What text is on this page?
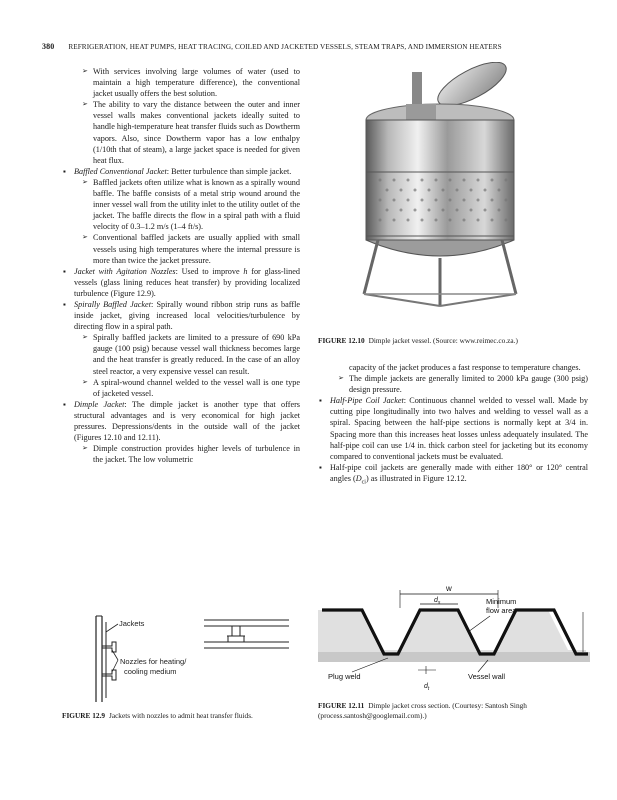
380 REFRIGERATION, HEAT PUMPS, HEAT TRACING, COILED AND JACKETED VESSELS, STEAM TRAPS, AND IMMERSION HEATERS

➢ With services involving large volumes of water (used to maintain a high temperature difference), the conventional jacket usually offers the best solution.

➢ The ability to vary the distance between the outer and inner vessel walls makes conventional jackets ideally suited to handle high-temperature heat transfer fluids such as Dowtherm vapors. Also, since Dowtherm vapor has a low enthalpy (1/10th that of steam), a large jacket space is needed for given heat flux.

▪ Baffled Conventional Jacket: Better turbulence than simple jacket.

➢ Baffled jackets often utilize what is known as a spirally wound baffle. The baffle consists of a metal strip wound around the inner vessel wall from the utility inlet to the utility outlet of the jacket. The baffle directs the flow in a spiral path with a fluid velocity of 0.3–1.2 m/s (1–4 ft/s).

➢ Conventional baffled jackets are usually applied with small vessels using high temperatures where the internal pressure is more than twice the jacket pressure.

▪ Jacket with Agitation Nozzles: Used to improve h for glass-lined vessels (glass lining reduces heat transfer) by providing localized turbulence (Figure 12.9).

▪ Spirally Baffled Jacket: Spirally wound ribbon strip runs as baffle inside jacket, giving increased local velocities/turbulence by directing flow in a spiral path.

➢ Spirally baffled jackets are limited to a pressure of 690 kPa gauge (100 psig) because vessel wall thickness becomes large and the heat transfer is greatly reduced. In the case of an alloy steel reactor, a very expensive vessel can result.

➢ A spiral-wound channel welded to the vessel wall is one type of jacketed vessel.

▪ Dimple Jacket: The dimple jacket is another type that offers structural advantages and is very economical for high jacket pressures. Depressions/dents in the outside wall of the jacket (Figures 12.10 and 12.11).

➢ Dimple construction provides higher levels of turbulence in the jacket. The low volumetric

Jackets
Nozzles for heating/
cooling medium
FIGURE 12.9 Jackets with nozzles to admit heat transfer fluids.
FIGURE 12.10 Dimple jacket vessel. (Source: www.reimec.co.za.)

capacity of the jacket produces a fast response to temperature changes.

➢ The dimple jackets are generally limited to 2000 kPa gauge (300 psig) design pressure.

▪ Half-Pipe Coil Jacket: Continuous channel welded to vessel wall. Made by cutting pipe longitudinally into two halves and welding to vessel wall as a spiral. Spacing between the half-pipe sections is normally kept at 3/4 in. Spacing more than this increases heat losses unless adequately insulated. The half-pipe coil can use 1/4 in. thick carbon steel for jacketing but its economy compared to conventional jackets must be evaluated.

▪ Half-pipe coil jackets are generally made with either 180° or 120° central angles $(D_{ci})$ as illustrated in Figure 12.12.

w
$d_s$	Minimum
flow area
Plug weld	Vessel wall
$d_t$
FIGURE 12.11 Dimple jacket cross section. (Courtesy: Santosh Singh (process.santosh@googlemail.com).)
